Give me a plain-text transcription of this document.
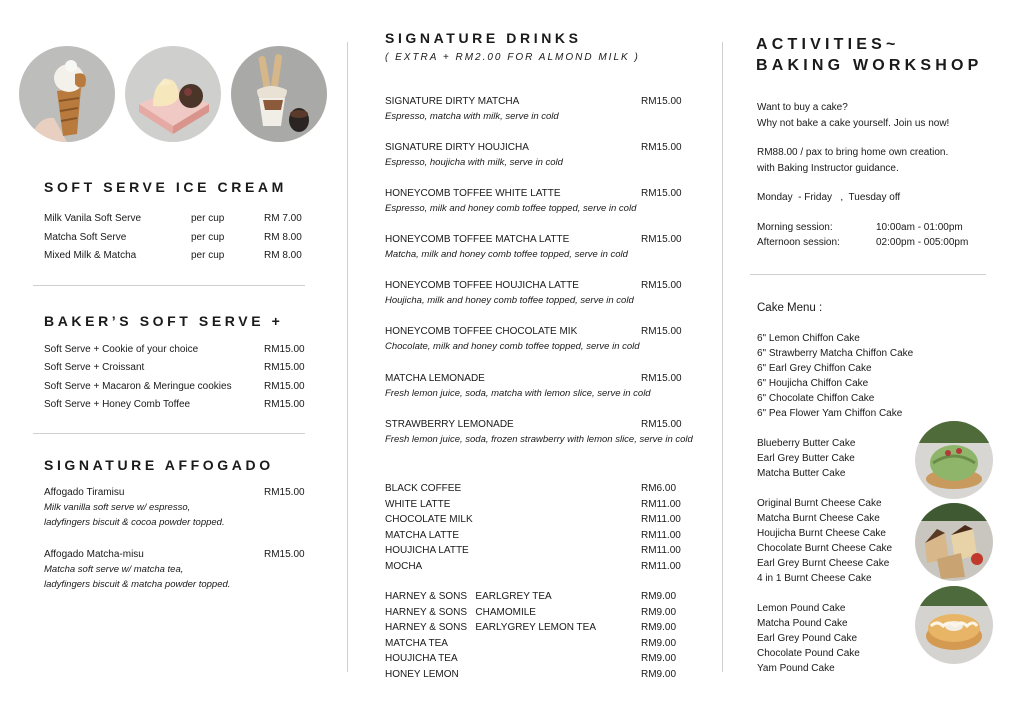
SOFT SERVE ICE CREAM
Milk Vanila Soft Serve	per cup	RM 7.00
Matcha Soft Serve	per cup	RM 8.00
Mixed Milk & Matcha	per cup	RM 8.00
BAKER’S SOFT SERVE +
Soft Serve + Cookie of your choice	RM15.00
Soft Serve + Croissant	RM15.00
Soft Serve + Macaron & Meringue cookies	RM15.00
Soft Serve + Honey Comb Toffee	RM15.00
SIGNATURE AFFOGADO
Affogado Tiramisu	RM15.00
Milk vanilla soft serve w/ espresso,
ladyfingers biscuit & cocoa powder topped.
Affogado Matcha-misu	RM15.00
Matcha soft serve w/ matcha tea,
ladyfingers biscuit & matcha powder topped.
SIGNATURE DRINKS
( EXTRA + RM2.00 FOR ALMOND MILK )
SIGNATURE DIRTY MATCHA	RM15.00
Espresso, matcha with milk, serve in cold
SIGNATURE DIRTY HOUJICHA	RM15.00
Espresso, houjicha with milk, serve in cold
HONEYCOMB TOFFEE WHITE LATTE	RM15.00
Espresso, milk and honey comb toffee topped, serve in cold
HONEYCOMB TOFFEE MATCHA LATTE	RM15.00
Matcha, milk and honey comb toffee topped, serve in cold
HONEYCOMB TOFFEE HOUJICHA LATTE	RM15.00
Houjicha, milk and honey comb toffee topped, serve in cold
HONEYCOMB TOFFEE CHOCOLATE MIK	RM15.00
Chocolate, milk and honey comb toffee topped, serve in cold
MATCHA LEMONADE	RM15.00
Fresh lemon juice, soda, matcha with lemon slice, serve in cold
STRAWBERRY LEMONADE	RM15.00
Fresh lemon juice, soda, frozen strawberry with lemon slice, serve in cold
BLACK COFFEE	RM6.00
WHITE LATTE	RM11.00
CHOCOLATE MILK	RM11.00
MATCHA LATTE	RM11.00
HOUJICHA LATTE	RM11.00
MOCHA	RM11.00
HARNEY & SONS   EARLGREY TEA	RM9.00
HARNEY & SONS   CHAMOMILE	RM9.00
HARNEY & SONS   EARLYGREY LEMON TEA	RM9.00
MATCHA TEA	RM9.00
HOUJICHA TEA	RM9.00
HONEY LEMON	RM9.00
ACTIVITIES~
BAKING WORKSHOP
Want to buy a cake?
Why not bake a cake yourself. Join us now!
RM88.00 / pax to bring home own creation.
with Baking Instructor guidance.
Monday  - Friday   ,  Tuesday off
Morning session:	10:00am - 01:00pm
Afternoon session:	02:00pm - 005:00pm
Cake Menu :
6" Lemon Chiffon Cake
6" Strawberry Matcha Chiffon Cake
6" Earl Grey Chiffon Cake
6" Houjicha Chiffon Cake
6" Chocolate Chiffon Cake
6" Pea Flower Yam Chiffon Cake
Blueberry Butter Cake
Earl Grey Butter Cake
Matcha Butter Cake
Original Burnt Cheese Cake
Matcha Burnt Cheese Cake
Houjicha Burnt Cheese Cake
Chocolate Burnt Cheese Cake
Earl Grey Burnt Cheese Cake
4 in 1 Burnt Cheese Cake
Lemon Pound Cake
Matcha Pound Cake
Earl Grey Pound Cake
Chocolate Pound Cake
Yam Pound Cake
